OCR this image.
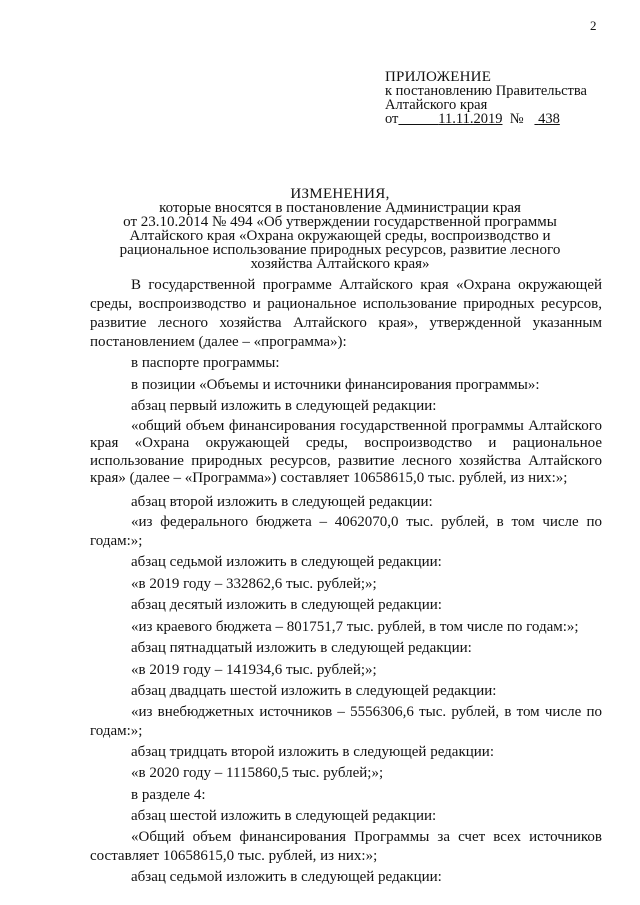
2
ПРИЛОЖЕНИЕ
к постановлению Правительства
Алтайского края
от	11.11.2019 № 438
ИЗМЕНЕНИЯ,
которые вносятся в постановление Администрации края
от 23.10.2014 № 494 «Об утверждении государственной программы
Алтайского края «Охрана окружающей среды, воспроизводство и
рациональное использование природных ресурсов, развитие лесного
хозяйства Алтайского края»

В государственной программе Алтайского края «Охрана окружающей среды, воспроизводство и рациональное использование природных ресурсов, развитие лесного хозяйства Алтайского края», утвержденной указанным постановлением (далее – «программа»):

в паспорте программы:

в позиции «Объемы и источники финансирования программы»:

абзац первый изложить в следующей редакции:

«общий объем финансирования государственной программы Алтайского края «Охрана окружающей среды, воспроизводство и рациональное использование природных ресурсов, развитие лесного хозяйства Алтайского края» (далее – «Программа») составляет 10658615,0 тыс. рублей, из них:»;

абзац второй изложить в следующей редакции:

«из федерального бюджета – 4062070,0 тыс. рублей, в том числе по годам:»;

абзац седьмой изложить в следующей редакции:

«в 2019 году – 332862,6 тыс. рублей;»;

абзац десятый изложить в следующей редакции:

«из краевого бюджета – 801751,7 тыс. рублей, в том числе по годам:»;

абзац пятнадцатый изложить в следующей редакции:

«в 2019 году – 141934,6 тыс. рублей;»;

абзац двадцать шестой изложить в следующей редакции:

«из внебюджетных источников – 5556306,6 тыс. рублей, в том числе по годам:»;

абзац тридцать второй изложить в следующей редакции:

«в 2020 году – 1115860,5 тыс. рублей;»;

в разделе 4:

абзац шестой изложить в следующей редакции:

«Общий объем финансирования Программы за счет всех источников составляет 10658615,0 тыс. рублей, из них:»;

абзац седьмой изложить в следующей редакции:
